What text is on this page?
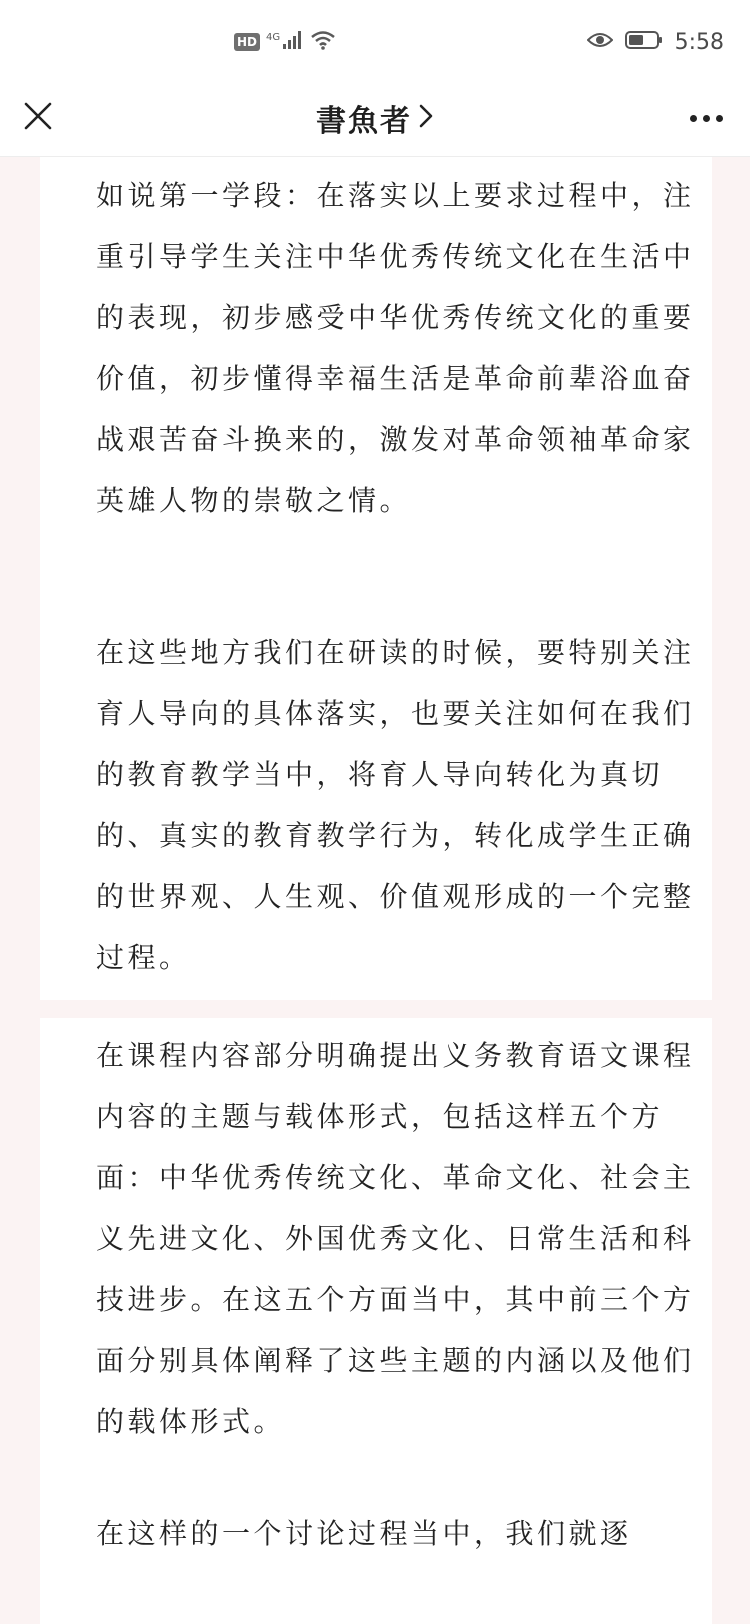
HD 4G	5:58
書魚者

如说第一学段：在落实以上要求过程中，注重引导学生关注中华优秀传统文化在生活中的表现，初步感受中华优秀传统文化的重要价值，初步懂得幸福生活是革命前辈浴血奋战艰苦奋斗换来的，激发对革命领袖革命家英雄人物的崇敬之情。

在这些地方我们在研读的时候，要特别关注育人导向的具体落实，也要关注如何在我们的教育教学当中，将育人导向转化为真切的、真实的教育教学行为，转化成学生正确的世界观、人生观、价值观形成的一个完整过程。

在课程内容部分明确提出义务教育语文课程内容的主题与载体形式，包括这样五个方面：中华优秀传统文化、革命文化、社会主义先进文化、外国优秀文化、日常生活和科技进步。在这五个方面当中，其中前三个方面分别具体阐释了这些主题的内涵以及他们的载体形式。

在这样的一个讨论过程当中，我们就逐
